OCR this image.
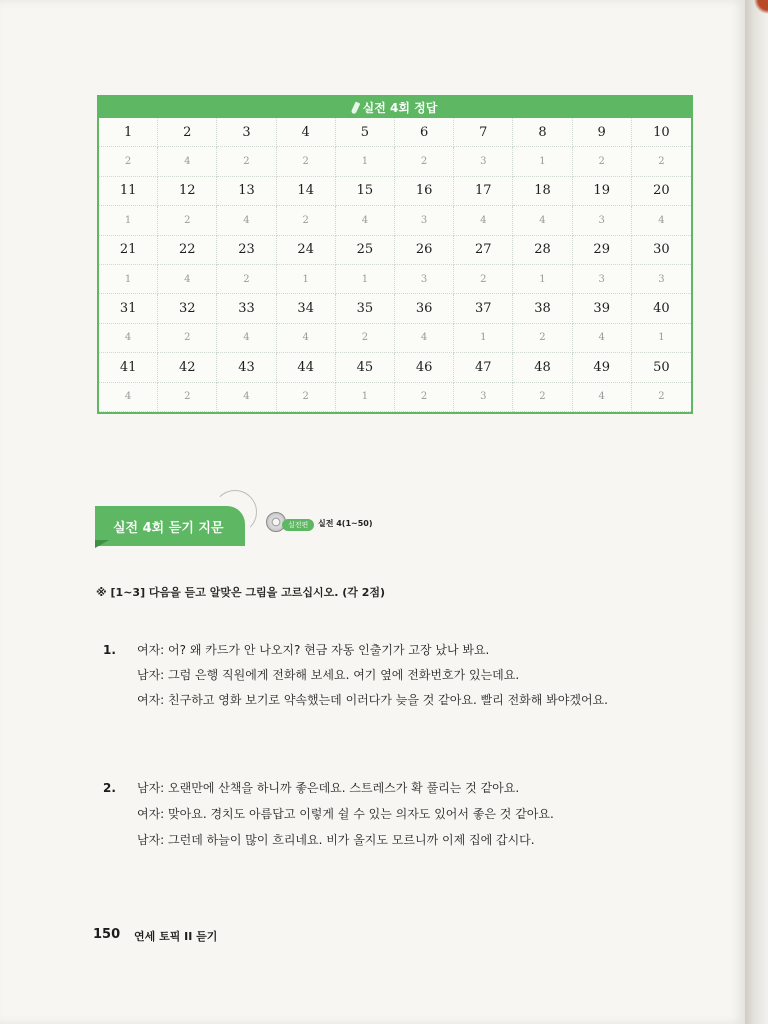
실전 4회 정답
1	2	3	4	5	6	7	8	9	10
2	4	2	2	1	2	3	1	2	2
11	12	13	14	15	16	17	18	19	20
1	2	4	2	4	3	4	4	3	4
21	22	23	24	25	26	27	28	29	30
1	4	2	1	1	3	2	1	3	3
31	32	33	34	35	36	37	38	39	40
4	2	4	4	2	4	1	2	4	1
41	42	43	44	45	46	47	48	49	50
4	2	4	2	1	2	3	2	4	2
실전 4회 듣기 지문	실전편	실전 4(1~50)
※ [1~3] 다음을 듣고 알맞은 그림을 고르십시오. (각 2점)
1. 여자: 어? 왜 카드가 안 나오지? 현금 자동 인출기가 고장 났나 봐요.
남자: 그럼 은행 직원에게 전화해 보세요. 여기 옆에 전화번호가 있는데요.
여자: 친구하고 영화 보기로 약속했는데 이러다가 늦을 것 같아요. 빨리 전화해 봐야겠어요.
2. 남자: 오랜만에 산책을 하니까 좋은데요. 스트레스가 확 풀리는 것 같아요.
여자: 맞아요. 경치도 아름답고 이렇게 쉴 수 있는 의자도 있어서 좋은 것 같아요.
남자: 그런데 하늘이 많이 흐리네요. 비가 올지도 모르니까 이제 집에 갑시다.
150 연세 토픽 II 듣기
